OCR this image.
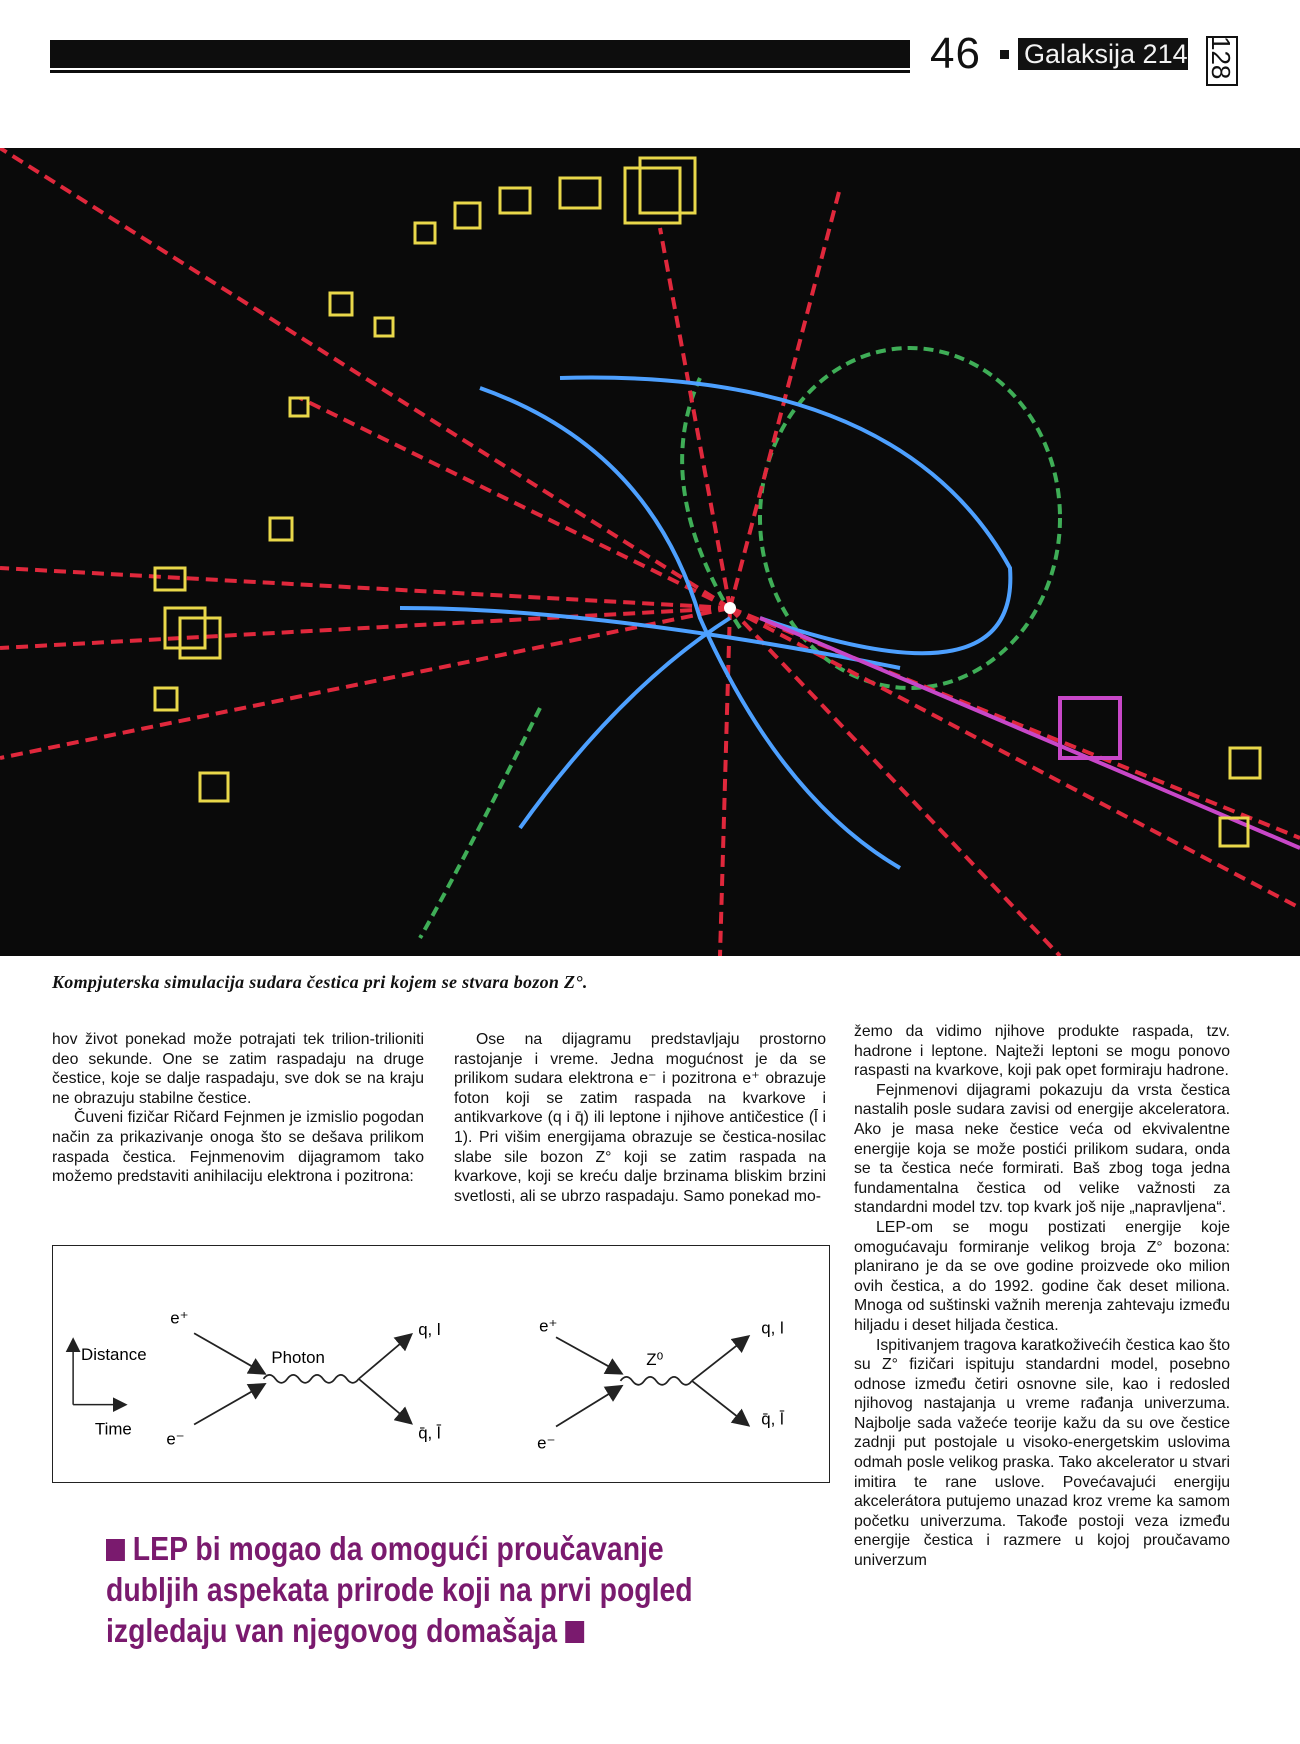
46 Galaksija 214 128
Kompjuterska simulacija sudara čestica pri kojem se stvara bozon Z°.

hov život ponekad može potrajati tek trilion-trilioniti deo sekunde. One se zatim raspadaju na druge čestice, koje se dalje raspadaju, sve dok se na kraju ne obrazuju stabilne čestice.

Čuveni fizičar Ričard Fejnmen je izmislio pogodan način za prikazivanje onoga što se dešava prilikom raspada čestica. Fejnmenovim dijagramom tako možemo predstaviti anihilaciju elektrona i pozitrona:

Ose na dijagramu predstavljaju prostorno rastojanje i vreme. Jedna mogućnost je da se prilikom sudara elektrona e⁻ i pozitrona e⁺ obrazuje foton koji se zatim raspada na kvarkove i antikvarkove (q i q̄) ili leptone i njihove antičestice (l̄ i 1). Pri višim energijama obrazuje se čestica-nosilac slabe sile bozon Z° koji se zatim raspada na kvarkove, koji se kreću dalje brzinama bliskim brzini svetlosti, ali se ubrzo raspadaju. Samo ponekad mo-

Distance
Time
e⁺
e⁻
Photon
q, l
q̄, l̄
e⁺
e⁻
Z⁰
q, l
q̄, l̄
LEP bi mogao da omogući proučavanje dubljih aspekata prirode koji na prvi pogled izgledaju van njegovog domašaja

žemo da vidimo njihove produkte raspada, tzv. hadrone i leptone. Najteži leptoni se mogu ponovo raspasti na kvarkove, koji pak opet formiraju hadrone.

Fejnmenovi dijagrami pokazuju da vrsta čestica nastalih posle sudara zavisi od energije akceleratora. Ako je masa neke čestice veća od ekvivalentne energije koja se može postići prilikom sudara, onda se ta čestica neće formirati. Baš zbog toga jedna fundamentalna čestica od velike važnosti za standardni model tzv. top kvark još nije „napravljena“.

LEP-om se mogu postizati energije koje omogućavaju formiranje velikog broja Z° bozona: planirano je da se ove godine proizvede oko milion ovih čestica, a do 1992. godine čak deset miliona. Mnoga od suštinski važnih merenja zahtevaju između hiljadu i deset hiljada čestica.

Ispitivanjem tragova karatkoživećih čestica kao što su Z° fizičari ispituju standardni model, posebno odnose između četiri osnovne sile, kao i redosled njihovog nastajanja u vreme rađanja univerzuma. Najbolje sada važeće teorije kažu da su ove čestice zadnji put postojale u visoko-energetskim uslovima odmah posle velikog praska. Tako akcelerator u stvari imitira te rane uslove. Povećavajući energiju akcelerátora putujemo unazad kroz vreme ka samom početku univerzuma. Takođe postoji veza između energije čestica i razmere u kojoj proučavamo univerzum
